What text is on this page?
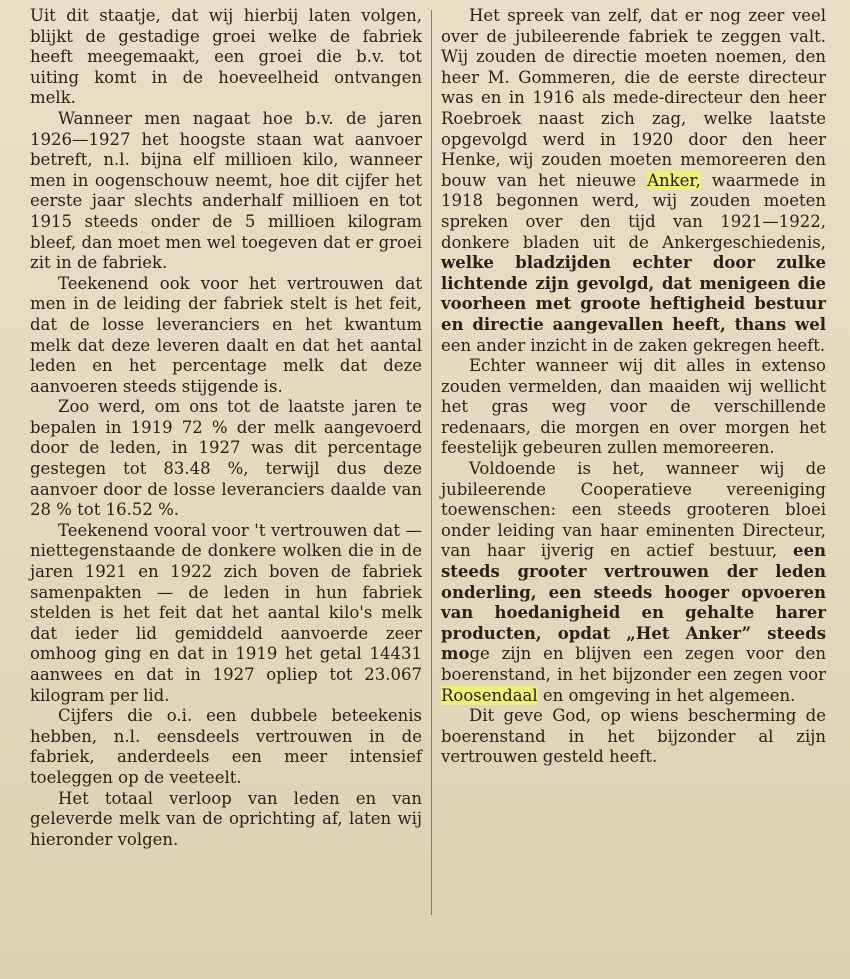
Uit dit staatje, dat wij hierbij laten volgen, blijkt de gestadige groei welke de fabriek heeft meegemaakt, een groei die b.v. tot uiting komt in de hoeveelheid ontvangen melk.

Wanneer men nagaat hoe b.v. de jaren 1926—1927 het hoogste staan wat aanvoer betreft, n.l. bijna elf millioen kilo, wanneer men in oogenschouw neemt, hoe dit cijfer het eerste jaar slechts anderhalf millioen en tot 1915 steeds onder de 5 millioen kilogram bleef, dan moet men wel toegeven dat er groei zit in de fabriek.

Teekenend ook voor het vertrouwen dat men in de leiding der fabriek stelt is het feit, dat de losse leveranciers en het kwantum melk dat deze leveren daalt en dat het aantal leden en het percentage melk dat deze aanvoeren steeds stijgende is.

Zoo werd, om ons tot de laatste jaren te bepalen in 1919 72 % der melk aangevoerd door de leden, in 1927 was dit percentage gestegen tot 83.48 %, terwijl dus deze aanvoer door de losse leveranciers daalde van 28 % tot 16.52 %.

Teekenend vooral voor 't vertrouwen dat — niettegenstaande de donkere wolken die in de jaren 1921 en 1922 zich boven de fabriek samenpakten — de leden in hun fabriek stelden is het feit dat het aantal kilo's melk dat ieder lid gemiddeld aanvoerde zeer omhoog ging en dat in 1919 het getal 14431 aanwees en dat in 1927 opliep tot 23.067 kilogram per lid.

Cijfers die o.i. een dubbele beteekenis hebben, n.l. eensdeels vertrouwen in de fabriek, anderdeels een meer intensief toeleggen op de veeteelt.

Het totaal verloop van leden en van geleverde melk van de oprichting af, laten wij hieronder volgen.

Het spreek van zelf, dat er nog zeer veel over de jubileerende fabriek te zeggen valt. Wij zouden de directie moeten noemen, den heer M. Gommeren, die de eerste directeur was en in 1916 als mede-directeur den heer Roebroek naast zich zag, welke laatste opgevolgd werd in 1920 door den heer Henke, wij zouden moeten memoreeren den bouw van het nieuwe Anker, waarmede in 1918 begonnen werd, wij zouden moeten spreken over den tijd van 1921—1922, donkere bladen uit de Ankergeschiedenis, welke bladzijden echter door zulke lichtende zijn gevolgd, dat menigeen die voorheen met groote heftigheid bestuur en directie aangevallen heeft, thans wel een ander inzicht in de zaken gekregen heeft.

Echter wanneer wij dit alles in extenso zouden vermelden, dan maaiden wij wellicht het gras weg voor de verschillende redenaars, die morgen en over morgen het feestelijk gebeuren zullen memoreeren.

Voldoende is het, wanneer wij de jubileerende Cooperatieve vereeniging toewenschen: een steeds grooteren bloei onder leiding van haar eminenten Directeur, van haar ijverig en actief bestuur, een steeds grooter vertrouwen der leden onderling, een steeds hooger opvoeren van hoedanigheid en gehalte harer producten, opdat „Het Anker” steeds moge zijn en blijven een zegen voor den boerenstand, in het bijzonder een zegen voor Roosendaal en omgeving in het algemeen.

Dit geve God, op wiens bescherming de boerenstand in het bijzonder al zijn vertrouwen gesteld heeft.
